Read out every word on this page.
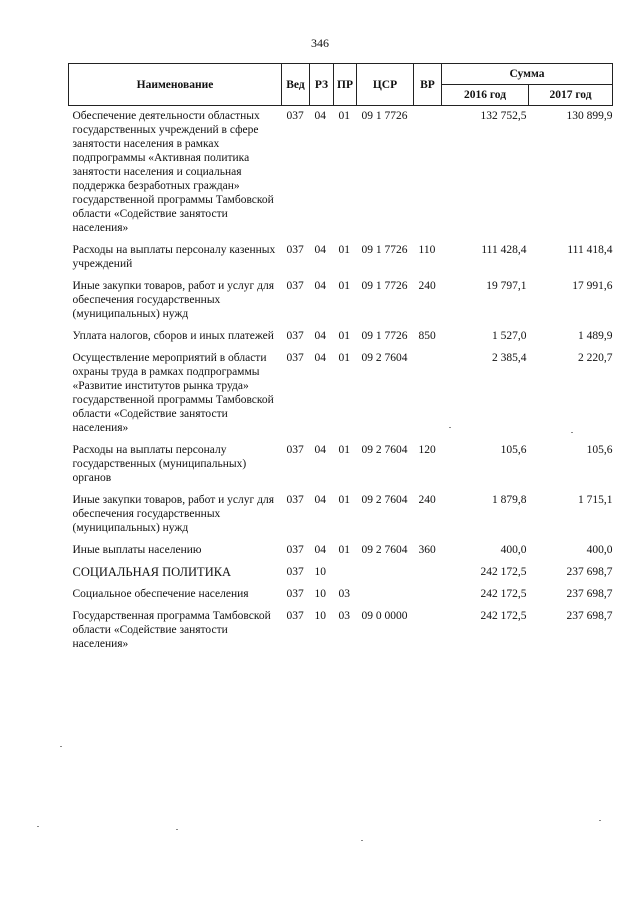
346
Наименование	Вед	РЗ	ПР	ЦСР	ВР	Сумма	
						2016 год	2017 год
Обеспечение деятельности областных государственных учреждений в сфере занятости населения в рамках подпрограммы «Активная политика занятости населения и социальная поддержка безработных граждан» государственной программы Тамбовской области «Содействие занятости населения»	037	04	01	09 1 7726		132 752,5	130 899,9
Расходы на выплаты персоналу казенных учреждений	037	04	01	09 1 7726	110	111 428,4	111 418,4
Иные закупки товаров, работ и услуг для обеспечения государственных (муниципальных) нужд	037	04	01	09 1 7726	240	19 797,1	17 991,6
Уплата налогов, сборов и иных платежей	037	04	01	09 1 7726	850	1 527,0	1 489,9
Осуществление мероприятий в области охраны труда в рамках подпрограммы «Развитие институтов рынка труда» государственной программы Тамбовской области «Содействие занятости населения»	037	04	01	09 2 7604		2 385,4	2 220,7
Расходы на выплаты персоналу государственных (муниципальных) органов	037	04	01	09 2 7604	120	105,6	105,6
Иные закупки товаров, работ и услуг для обеспечения государственных (муниципальных) нужд	037	04	01	09 2 7604	240	1 879,8	1 715,1
Иные выплаты населению	037	04	01	09 2 7604	360	400,0	400,0
СОЦИАЛЬНАЯ ПОЛИТИКА	037	10				242 172,5	237 698,7
Социальное обеспечение населения	037	10	03			242 172,5	237 698,7
Государственная программа Тамбовской области «Содействие занятости населения»	037	10	03	09 0 0000		242 172,5	237 698,7
